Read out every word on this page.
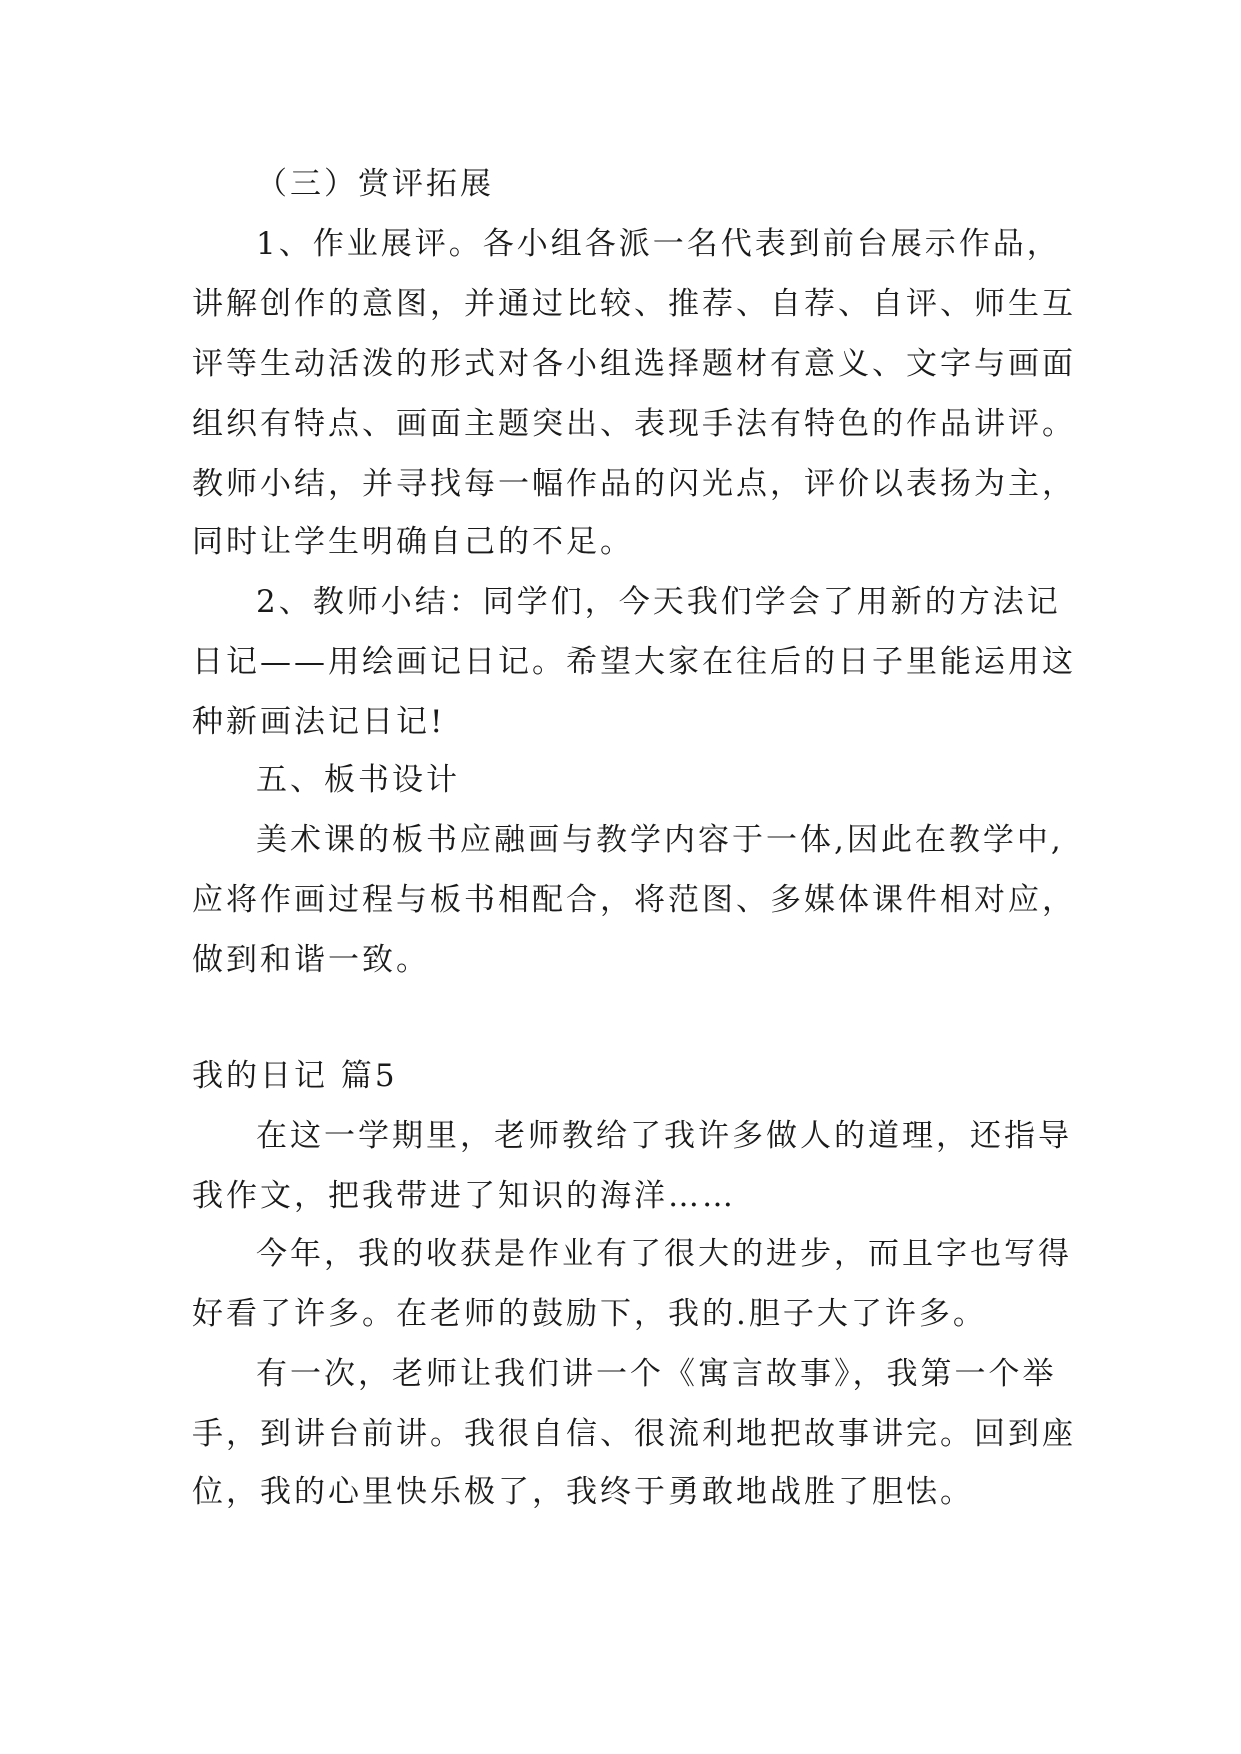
（三）赏评拓展
1、作业展评。各小组各派一名代表到前台展示作品，
讲解创作的意图，并通过比较、推荐、自荐、自评、师生互
评等生动活泼的形式对各小组选择题材有意义、文字与画面
组织有特点、画面主题突出、表现手法有特色的作品讲评。
教师小结，并寻找每一幅作品的闪光点，评价以表扬为主，
同时让学生明确自己的不足。
2、教师小结：同学们，今天我们学会了用新的方法记
日记——用绘画记日记。希望大家在往后的日子里能运用这
种新画法记日记!
五、板书设计
美术课的板书应融画与教学内容于一体,因此在教学中,
应将作画过程与板书相配合，将范图、多媒体课件相对应，
做到和谐一致。
我的日记 篇5
在这一学期里，老师教给了我许多做人的道理，还指导
我作文，把我带进了知识的海洋……
今年，我的收获是作业有了很大的进步，而且字也写得
好看了许多。在老师的鼓励下，我的.胆子大了许多。
有一次，老师让我们讲一个《寓言故事》，我第一个举
手，到讲台前讲。我很自信、很流利地把故事讲完。回到座
位，我的心里快乐极了，我终于勇敢地战胜了胆怯。
